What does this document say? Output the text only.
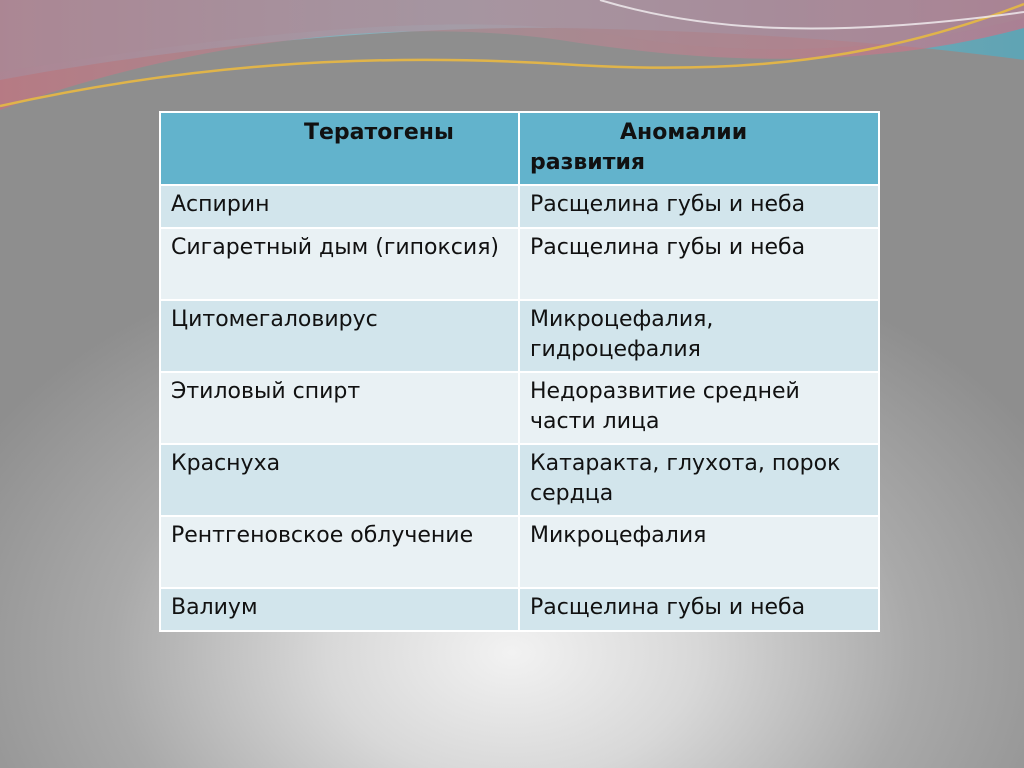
Тератогены	Аномалии развития
Аспирин	Расщелина губы и неба
Сигаретный дым (гипоксия)	Расщелина губы и неба
Цитомегаловирус	Микроцефалия, гидроцефалия
Этиловый спирт	Недоразвитие средней части лица
Краснуха	Катаракта, глухота, порок сердца
Рентгеновское облучение	Микроцефалия
Валиум	Расщелина губы и неба
